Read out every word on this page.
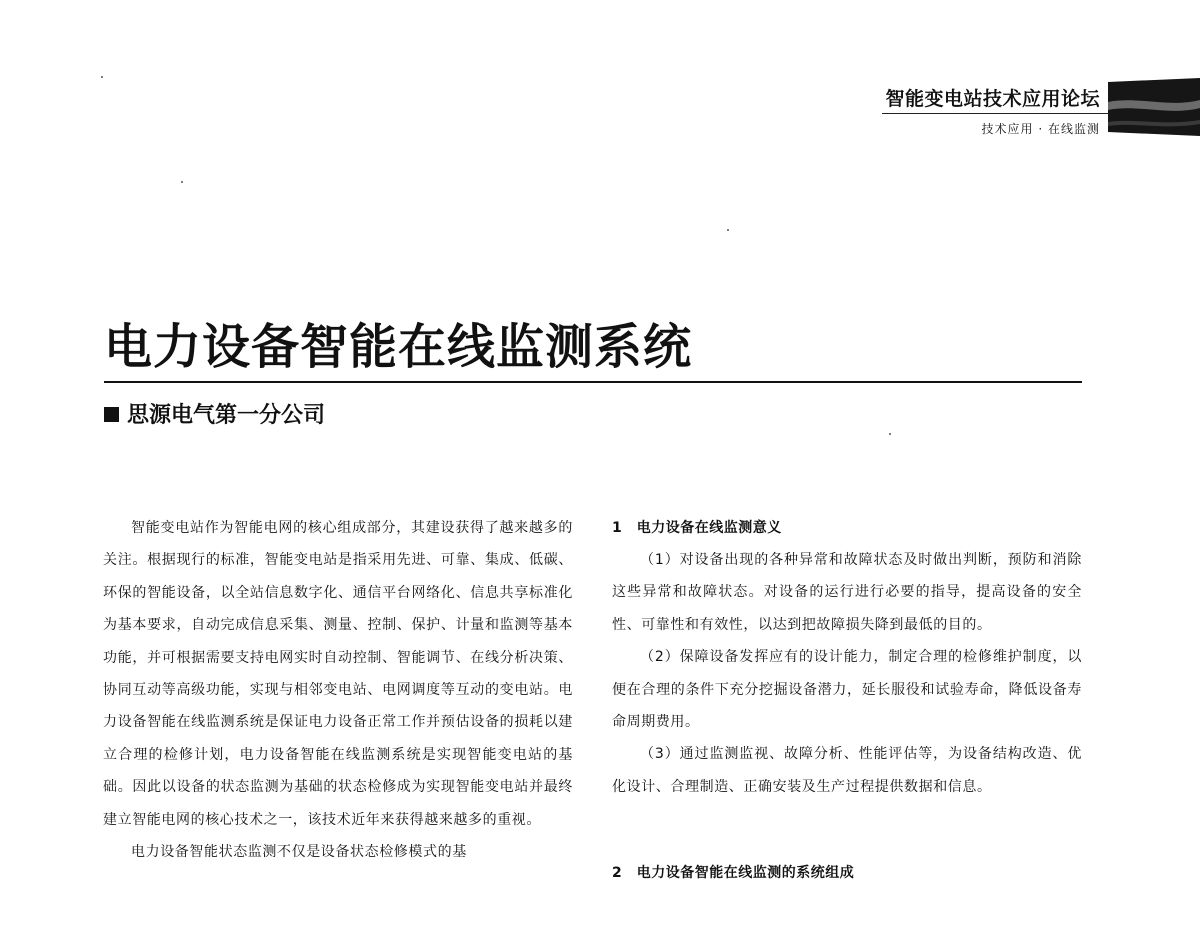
智能变电站技术应用论坛
技术应用 · 在线监测
电力设备智能在线监测系统
思源电气第一分公司

智能变电站作为智能电网的核心组成部分，其建设获得了越来越多的关注。根据现行的标准，智能变电站是指采用先进、可靠、集成、低碳、环保的智能设备，以全站信息数字化、通信平台网络化、信息共享标准化为基本要求，自动完成信息采集、测量、控制、保护、计量和监测等基本功能，并可根据需要支持电网实时自动控制、智能调节、在线分析决策、协同互动等高级功能，实现与相邻变电站、电网调度等互动的变电站。电力设备智能在线监测系统是保证电力设备正常工作并预估设备的损耗以建立合理的检修计划，电力设备智能在线监测系统是实现智能变电站的基础。因此以设备的状态监测为基础的状态检修成为实现智能变电站并最终建立智能电网的核心技术之一，该技术近年来获得越来越多的重视。

电力设备智能状态监测不仅是设备状态检修模式的基

1　电力设备在线监测意义

（1）对设备出现的各种异常和故障状态及时做出判断，预防和消除这些异常和故障状态。对设备的运行进行必要的指导，提高设备的安全性、可靠性和有效性，以达到把故障损失降到最低的目的。

（2）保障设备发挥应有的设计能力，制定合理的检修维护制度，以便在合理的条件下充分挖掘设备潜力，延长服役和试验寿命，降低设备寿命周期费用。

（3）通过监测监视、故障分析、性能评估等，为设备结构改造、优化设计、合理制造、正确安装及生产过程提供数据和信息。

2　电力设备智能在线监测的系统组成
